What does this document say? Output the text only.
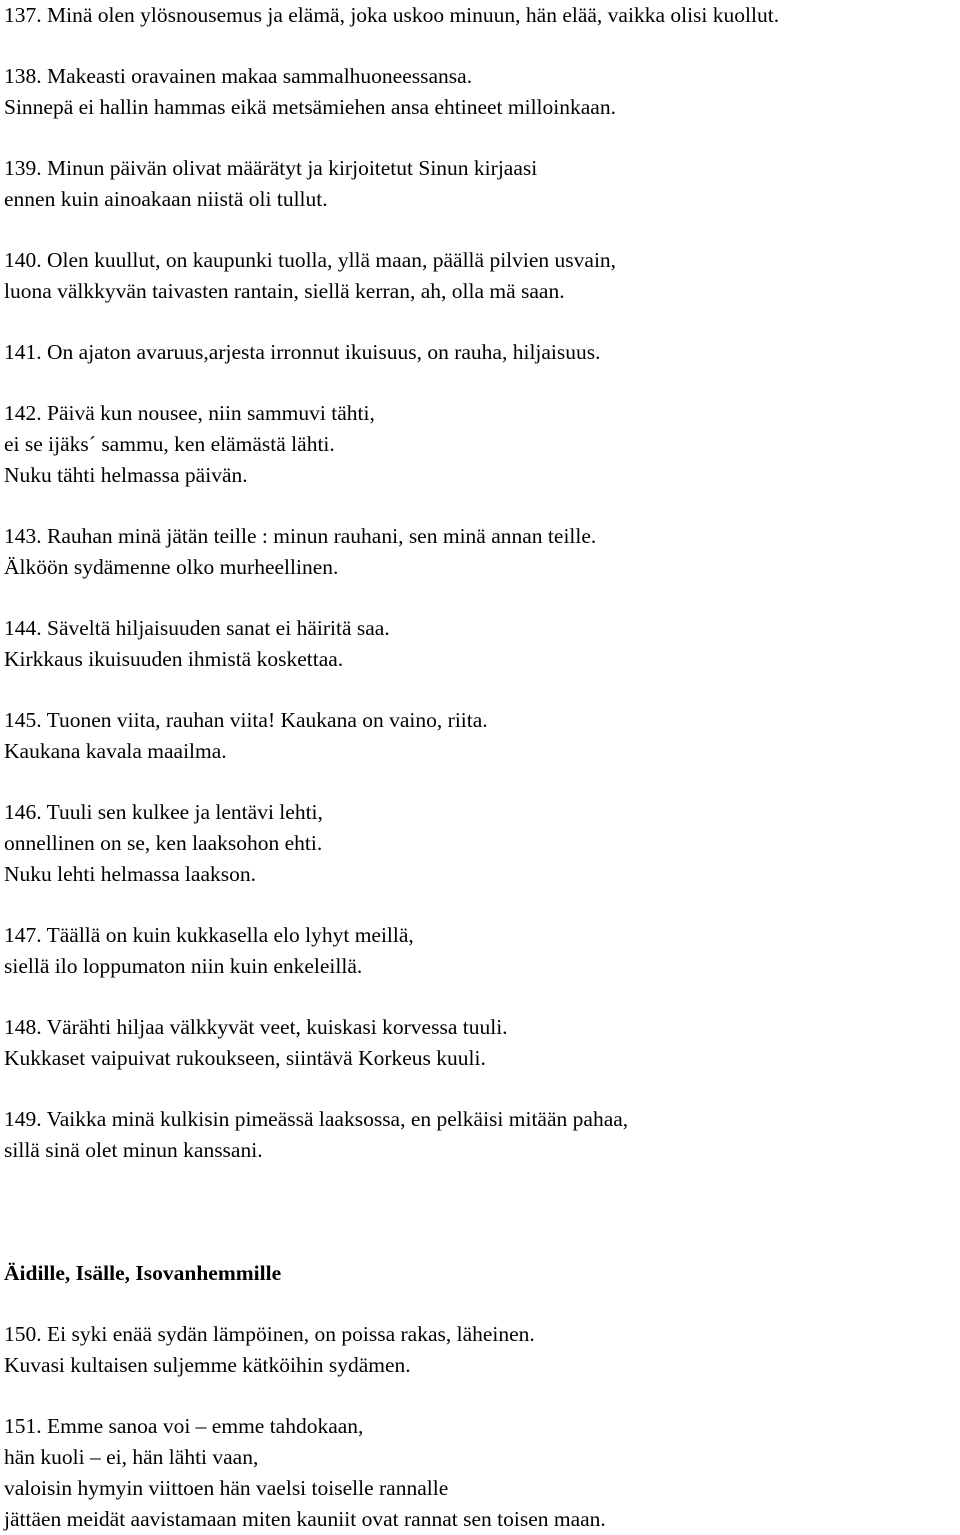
137. Minä olen ylösnousemus ja elämä, joka uskoo minuun, hän elää, vaikka olisi kuollut.
138. Makeasti oravainen makaa sammalhuoneessansa.
Sinnepä ei hallin hammas eikä metsämiehen ansa ehtineet milloinkaan.
139. Minun päivän olivat määrätyt ja kirjoitetut Sinun kirjaasi
ennen kuin ainoakaan niistä oli tullut.
140. Olen kuullut, on kaupunki tuolla, yllä maan, päällä pilvien usvain,
luona välkkyvän taivasten rantain, siellä kerran, ah, olla mä saan.
141. On ajaton avaruus,arjesta irronnut ikuisuus, on rauha, hiljaisuus.
142. Päivä kun nousee, niin sammuvi tähti,
ei se ijäks´ sammu, ken elämästä lähti.
Nuku tähti helmassa päivän.
143. Rauhan minä jätän teille : minun rauhani, sen minä annan teille.
Älköön sydämenne olko murheellinen.
144. Säveltä hiljaisuuden sanat ei häiritä saa.
Kirkkaus ikuisuuden ihmistä koskettaa.
145. Tuonen viita, rauhan viita! Kaukana on vaino, riita.
Kaukana kavala maailma.
146. Tuuli sen kulkee ja lentävi lehti,
onnellinen on se, ken laaksohon ehti.
Nuku lehti helmassa laakson.
147. Täällä on kuin kukkasella elo lyhyt meillä,
siellä ilo loppumaton niin kuin enkeleillä.
148. Värähti hiljaa välkkyvät veet, kuiskasi korvessa tuuli.
Kukkaset vaipuivat rukoukseen, siintävä Korkeus kuuli.
149. Vaikka minä kulkisin pimeässä laaksossa, en pelkäisi mitään pahaa,
sillä sinä olet minun kanssani.
Äidille, Isälle, Isovanhemmille
150. Ei syki enää sydän lämpöinen, on poissa rakas, läheinen.
Kuvasi kultaisen suljemme kätköihin sydämen.
151. Emme sanoa voi – emme tahdokaan,
hän kuoli – ei, hän lähti vaan,
valoisin hymyin viittoen hän vaelsi toiselle rannalle
jättäen meidät aavistamaan miten kauniit ovat rannat sen toisen maan.
